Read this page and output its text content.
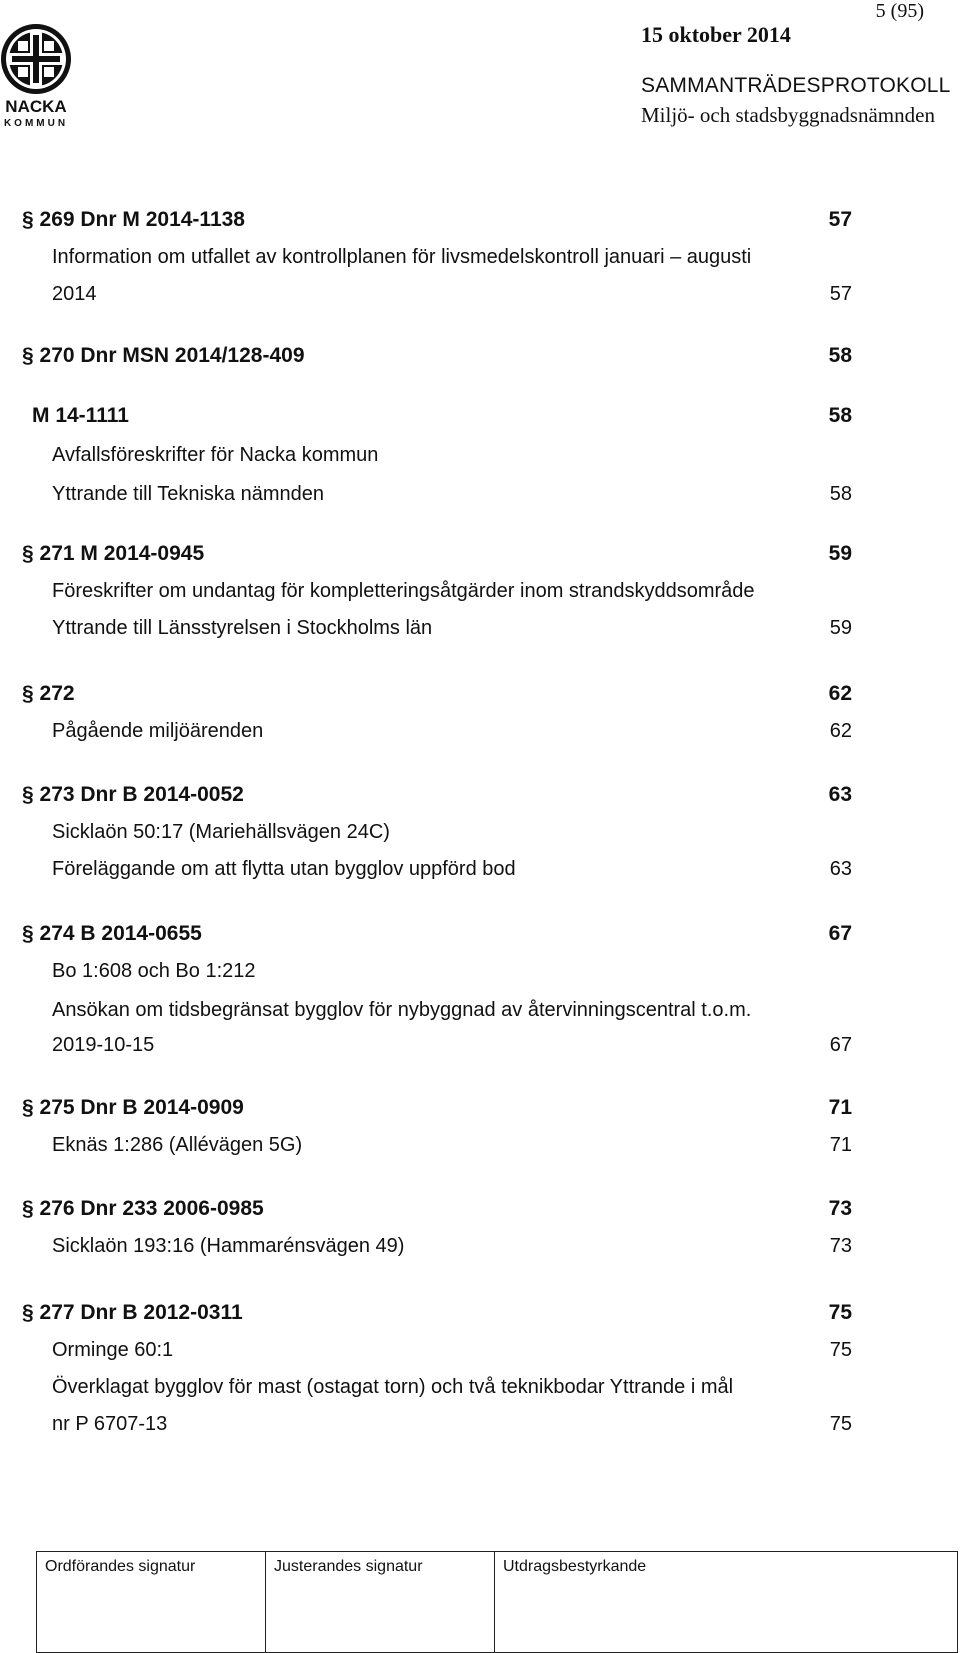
NACKA
KOMMUN
5 (95)
15 oktober 2014
SAMMANTRÄDESPROTOKOLL
Miljö- och stadsbyggnadsnämnden
§ 269 Dnr M 2014-1138 .....	57
Information om utfallet av kontrollplanen för livsmedelskontroll januari – augusti
2014 .....	57
§ 270 Dnr MSN 2014/128-409 .....	58
M 14-1111 .....	58
Avfallsföreskrifter för Nacka kommun
Yttrande till Tekniska nämnden .....	58
§ 271 M 2014-0945 .....	59
Föreskrifter om undantag för kompletteringsåtgärder inom strandskyddsområde
Yttrande till Länsstyrelsen i Stockholms län .....	59
§ 272 .....	62
Pågående miljöärenden .....	62
§ 273 Dnr B 2014-0052 .....	63
Sicklaön 50:17 (Mariehällsvägen 24C)
Föreläggande om att flytta utan bygglov uppförd bod .....	63
§ 274 B 2014-0655 .....	67
Bo 1:608 och Bo 1:212
Ansökan om tidsbegränsat bygglov för nybyggnad av återvinningscentral t.o.m.
2019-10-15 .....	67
§ 275 Dnr B 2014-0909 .....	71
Eknäs 1:286 (Allévägen 5G) .....	71
§ 276 Dnr 233 2006-0985 .....	73
Sicklaön 193:16 (Hammarénsvägen 49) .....	73
§ 277 Dnr B 2012-0311 .....	75
Orminge 60:1 .....	75
Överklagat bygglov för mast (ostagat torn) och två teknikbodar Yttrande i mål
nr P 6707-13 .....	75
Ordförandes signatur	Justerandes signatur	Utdragsbestyrkande
